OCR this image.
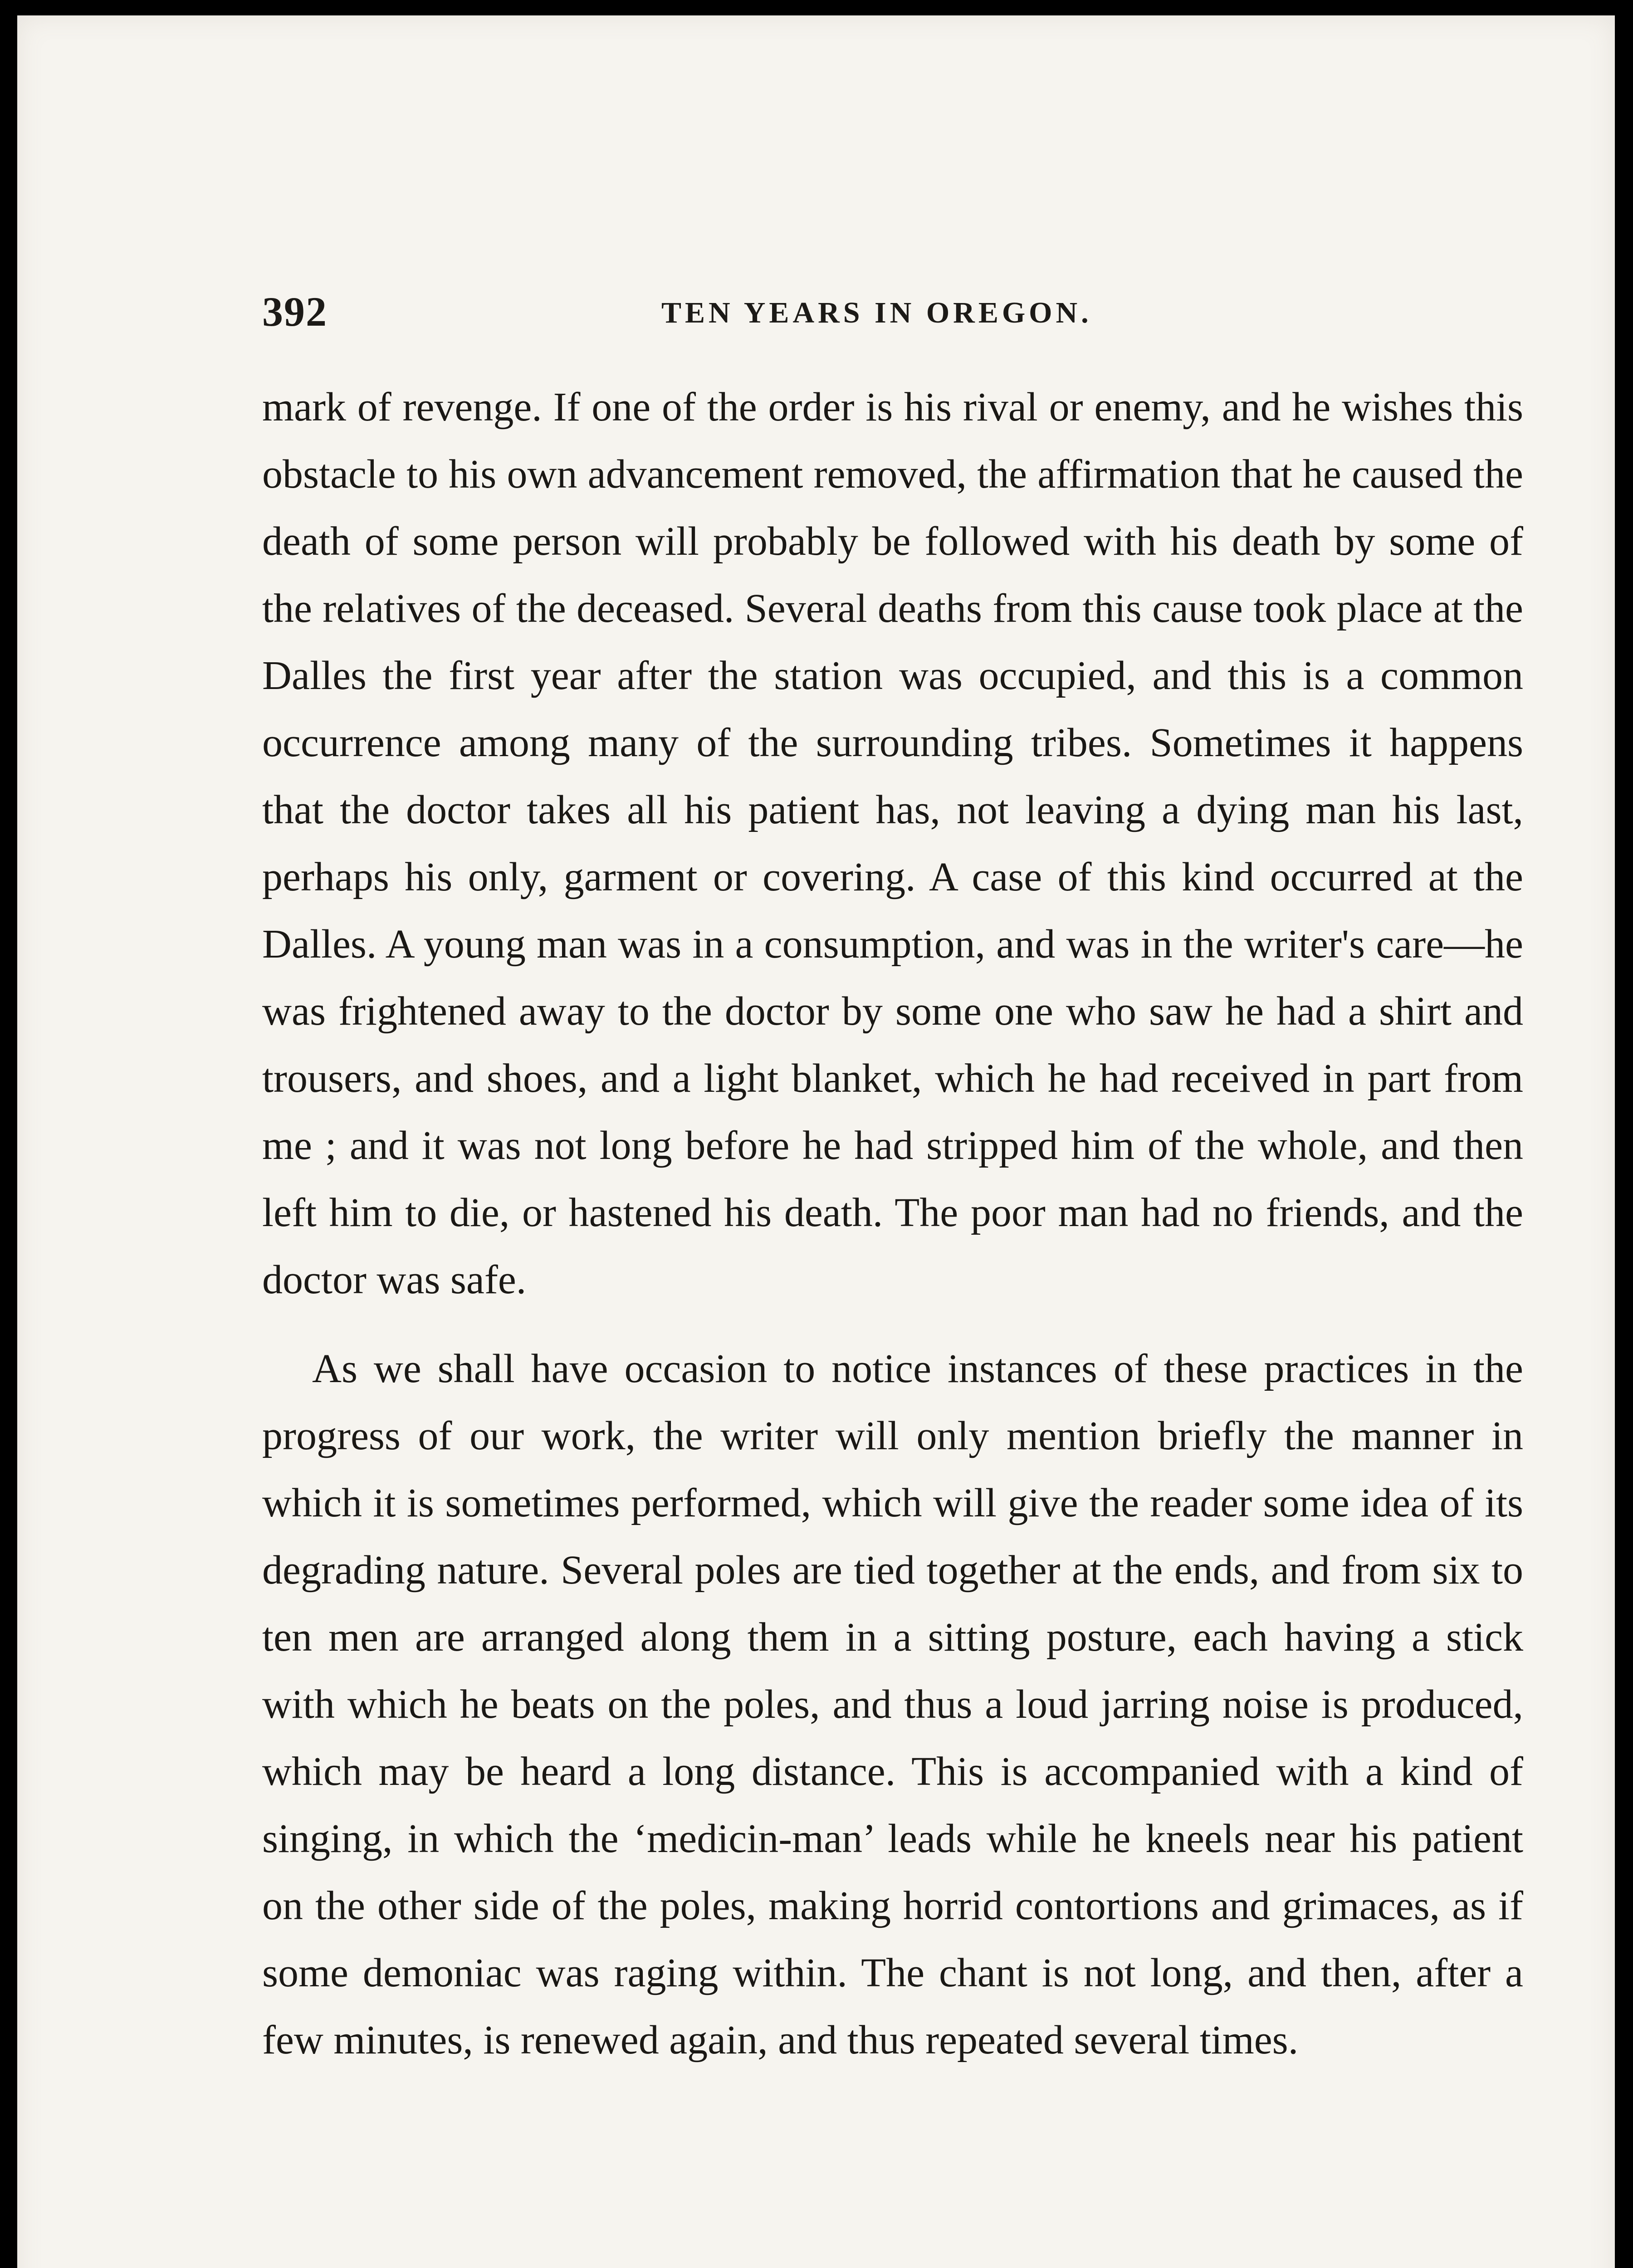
392	TEN YEARS IN OREGON.

mark of revenge. If one of the order is his rival or enemy, and he wishes this obstacle to his own advancement removed, the affirmation that he caused the death of some person will probably be followed with his death by some of the relatives of the deceased. Several deaths from this cause took place at the Dalles the first year after the station was occupied, and this is a common occurrence among many of the surrounding tribes. Sometimes it happens that the doctor takes all his patient has, not leaving a dying man his last, perhaps his only, garment or covering. A case of this kind occurred at the Dalles. A young man was in a consumption, and was in the writer's care—he was frightened away to the doctor by some one who saw he had a shirt and trousers, and shoes, and a light blanket, which he had received in part from me ; and it was not long before he had stripped him of the whole, and then left him to die, or hastened his death. The poor man had no friends, and the doctor was safe.

As we shall have occasion to notice instances of these practices in the progress of our work, the writer will only mention briefly the manner in which it is sometimes performed, which will give the reader some idea of its degrading nature. Several poles are tied together at the ends, and from six to ten men are arranged along them in a sitting posture, each having a stick with which he beats on the poles, and thus a loud jarring noise is produced, which may be heard a long distance. This is accompanied with a kind of singing, in which the ‘medicin-man’ leads while he kneels near his patient on the other side of the poles, making horrid contortions and grimaces, as if some demoniac was raging within. The chant is not long, and then, after a few minutes, is renewed again, and thus repeated several times.
